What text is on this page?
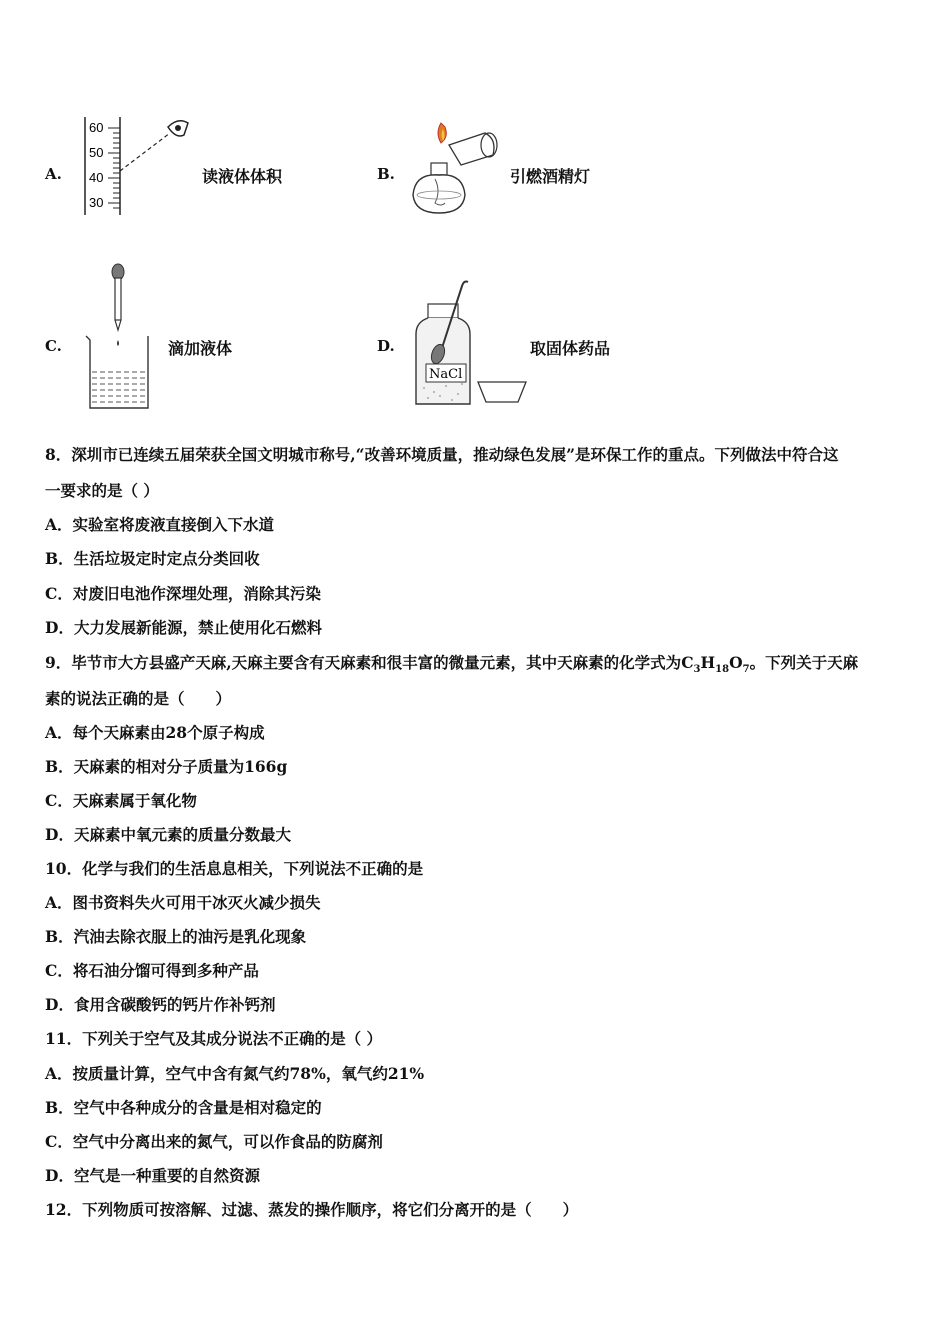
A.
60
50
40
30
读液体体积	B.	引燃酒精灯
C.	滴加液体	D.
NaCl
取固体药品
8．深圳市已连续五届荣获全国文明城市称号,“改善环境质量，推动绿色发展”是环保工作的重点。下列做法中符合这
一要求的是（ ）
A．实验室将废液直接倒入下水道
B．生活垃圾定时定点分类回收
C．对废旧电池作深埋处理，消除其污染
D．大力发展新能源，禁止使用化石燃料
9．毕节市大方县盛产天麻,天麻主要含有天麻素和很丰富的微量元素，其中天麻素的化学式为$C_3H_{18}O_7$。下列关于天麻
素的说法正确的是（　　）
A．每个天麻素由28个原子构成
B．天麻素的相对分子质量为166g
C．天麻素属于氧化物
D．天麻素中氧元素的质量分数最大
10．化学与我们的生活息息相关，下列说法不正确的是
A．图书资料失火可用干冰灭火减少损失
B．汽油去除衣服上的油污是乳化现象
C．将石油分馏可得到多种产品
D．食用含碳酸钙的钙片作补钙剂
11．下列关于空气及其成分说法不正确的是（ ）
A．按质量计算，空气中含有氮气约78%，氧气约21%
B．空气中各种成分的含量是相对稳定的
C．空气中分离出来的氮气，可以作食品的防腐剂
D．空气是一种重要的自然资源
12．下列物质可按溶解、过滤、蒸发的操作顺序，将它们分离开的是（　　）
